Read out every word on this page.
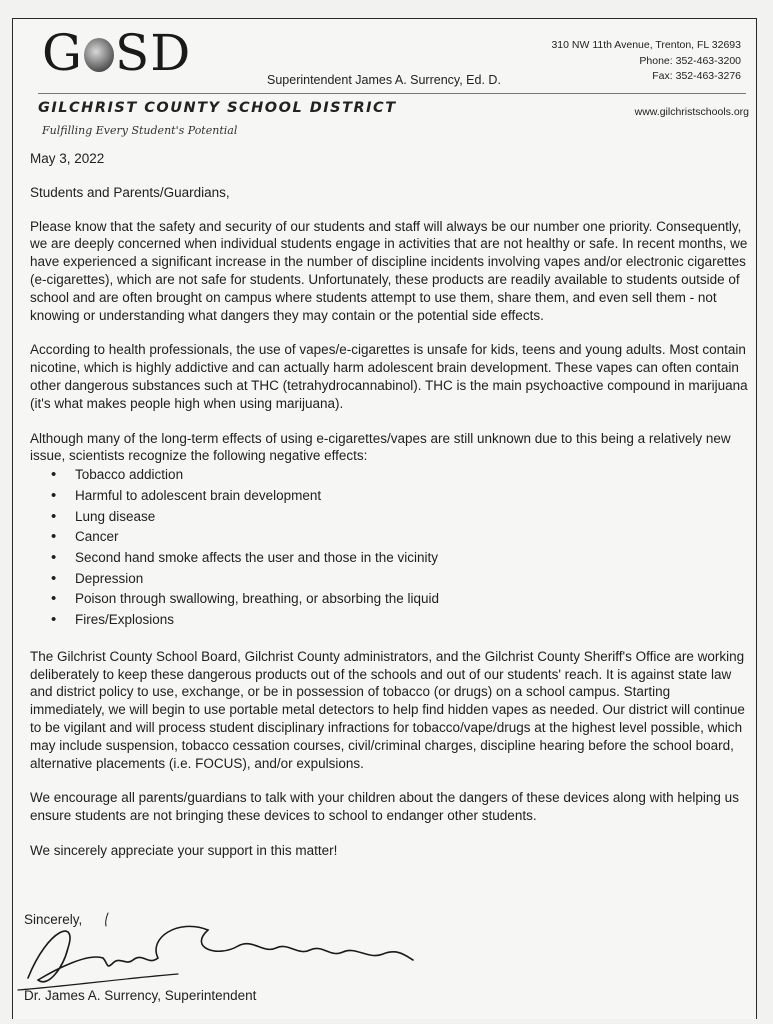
G SD	Superintendent James A. Surrency, Ed. D.
310 NW 11th Avenue, Trenton, FL 32693
Phone: 352-463-3200
Fax: 352-463-3276
GILCHRIST COUNTY SCHOOL DISTRICT	www.gilchristschools.org
Fulfilling Every Student's Potential

May 3, 2022

Students and Parents/Guardians,

Please know that the safety and security of our students and staff will always be our number one priority. Consequently, we are deeply concerned when individual students engage in activities that are not healthy or safe. In recent months, we have experienced a significant increase in the number of discipline incidents involving vapes and/or electronic cigarettes (e-cigarettes), which are not safe for students. Unfortunately, these products are readily available to students outside of school and are often brought on campus where students attempt to use them, share them, and even sell them - not knowing or understanding what dangers they may contain or the potential side effects.

According to health professionals, the use of vapes/e-cigarettes is unsafe for kids, teens and young adults. Most contain nicotine, which is highly addictive and can actually harm adolescent brain development. These vapes can often contain other dangerous substances such at THC (tetrahydrocannabinol). THC is the main psychoactive compound in marijuana (it's what makes people high when using marijuana).

Although many of the long-term effects of using e-cigarettes/vapes are still unknown due to this being a relatively new issue, scientists recognize the following negative effects:

• Tobacco addiction
• Harmful to adolescent brain development
• Lung disease
• Cancer
• Second hand smoke affects the user and those in the vicinity
• Depression
• Poison through swallowing, breathing, or absorbing the liquid
• Fires/Explosions

The Gilchrist County School Board, Gilchrist County administrators, and the Gilchrist County Sheriff's Office are working deliberately to keep these dangerous products out of the schools and out of our students' reach. It is against state law and district policy to use, exchange, or be in possession of tobacco (or drugs) on a school campus. Starting immediately, we will begin to use portable metal detectors to help find hidden vapes as needed. Our district will continue to be vigilant and will process student disciplinary infractions for tobacco/vape/drugs at the highest level possible, which may include suspension, tobacco cessation courses, civil/criminal charges, discipline hearing before the school board, alternative placements (i.e. FOCUS), and/or expulsions.

We encourage all parents/guardians to talk with your children about the dangers of these devices along with helping us ensure students are not bringing these devices to school to endanger other students.

We sincerely appreciate your support in this matter!

Sincerely,
Dr. James A. Surrency, Superintendent
